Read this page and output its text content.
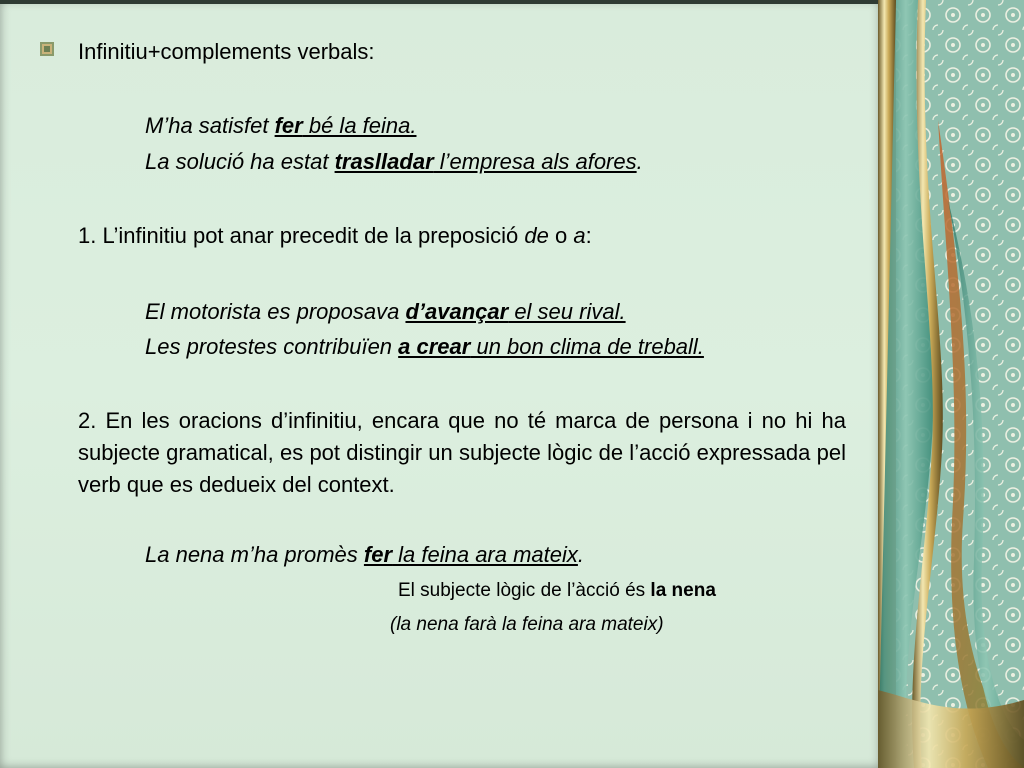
Infinitiu+complements verbals:
M’ha satisfet fer bé la feina.
La solució ha estat traslladar l’empresa als afores.
1. L’infinitiu pot anar precedit de la preposició de o a:
El motorista es proposava d’avançar el seu rival.
Les protestes contribuïen a crear un bon clima de treball.
2. En les oracions d’infinitiu, encara que no té marca de persona i no hi ha subjecte gramatical, es pot distingir un subjecte lògic de l’acció expressada pel verb que es dedueix del context.
La nena m’ha promès fer la feina ara mateix.
El subjecte lògic de l’àcció és la nena
(la nena farà la feina ara mateix)
